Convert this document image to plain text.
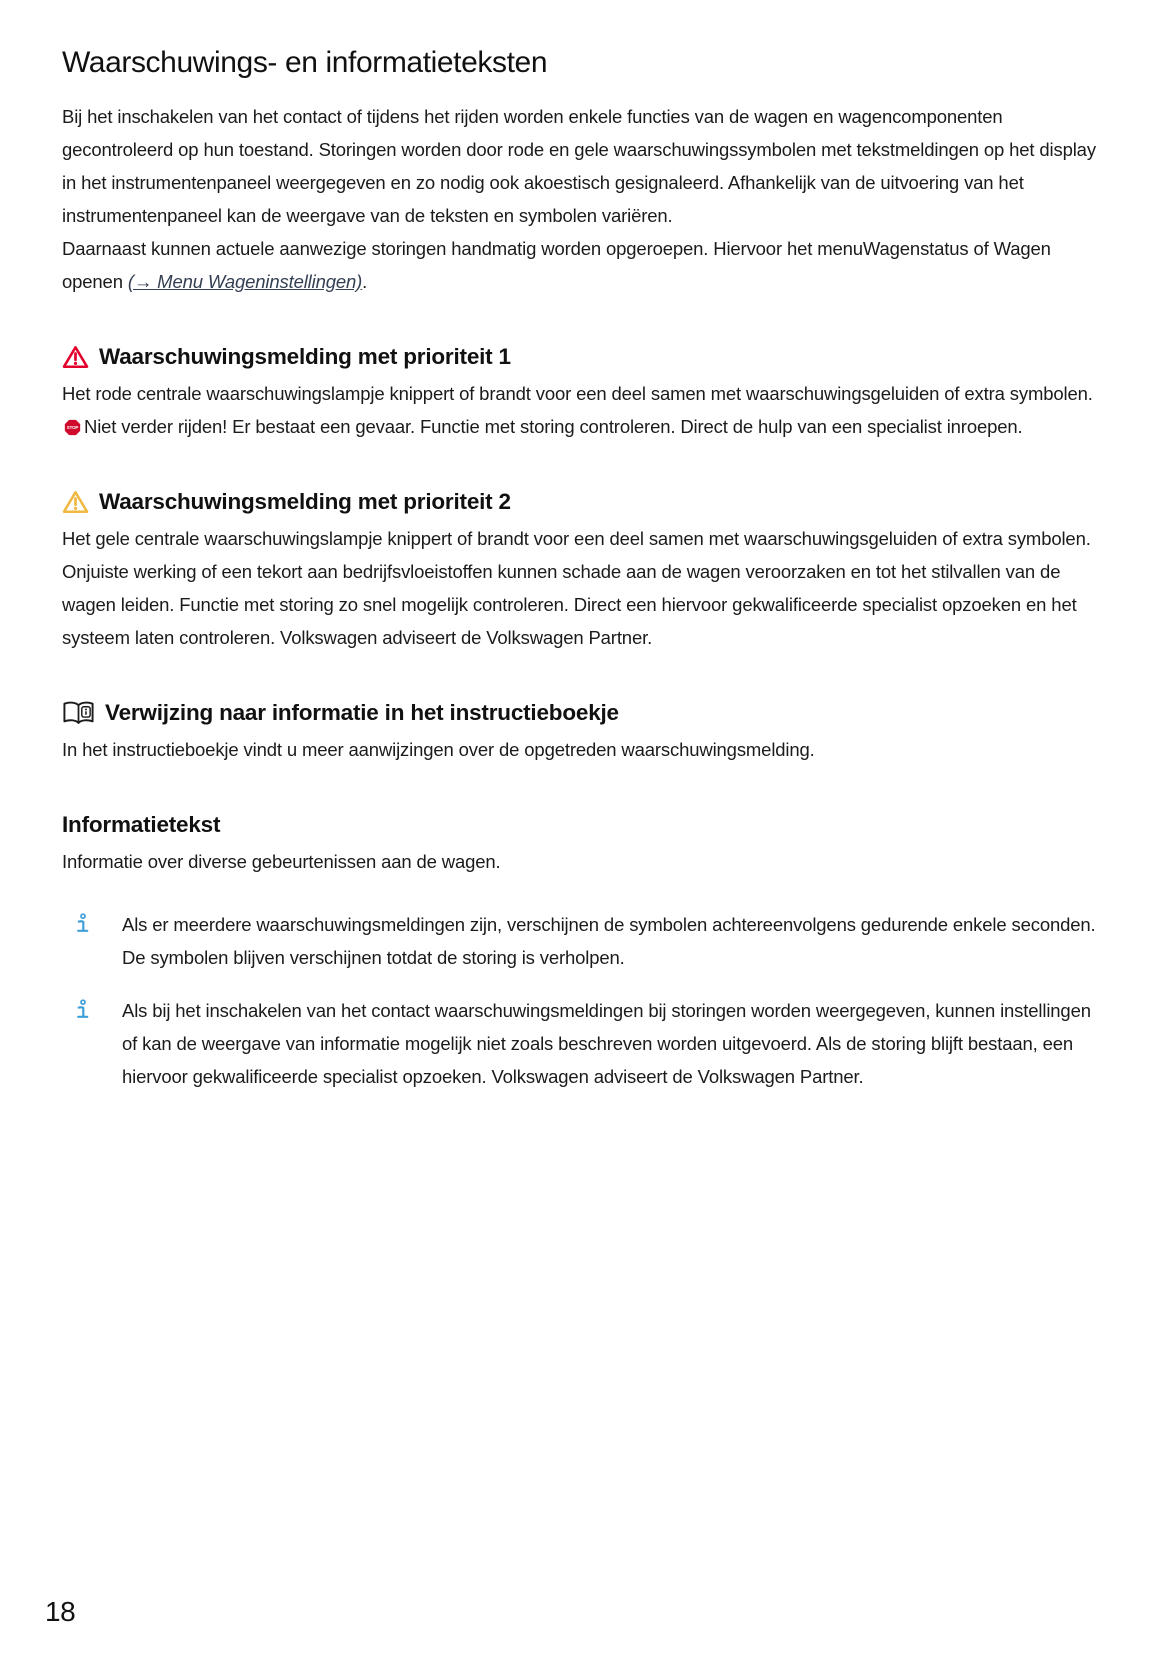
Waarschuwings- en informatieteksten

Bij het inschakelen van het contact of tijdens het rijden worden enkele functies van de wagen en wagencomponenten gecontroleerd op hun toestand. Storingen worden door rode en gele waarschuwingssymbolen met tekstmeldingen op het display in het instrumentenpaneel weergegeven en zo nodig ook akoestisch gesignaleerd. Afhankelijk van de uitvoering van het instrumentenpaneel kan de weergave van de teksten en symbolen variëren.

Daarnaast kunnen actuele aanwezige storingen handmatig worden opgeroepen. Hiervoor het menuWagenstatus of Wagen openen (→ Menu Wageninstellingen).

Waarschuwingsmelding met prioriteit 1

Het rode centrale waarschuwingslampje knippert of brandt voor een deel samen met waarschuwingsgeluiden of extra symbolen.
STOP Niet verder rijden! Er bestaat een gevaar. Functie met storing controleren. Direct de hulp van een specialist inroepen.

Waarschuwingsmelding met prioriteit 2

Het gele centrale waarschuwingslampje knippert of brandt voor een deel samen met waarschuwingsgeluiden of extra symbolen. Onjuiste werking of een tekort aan bedrijfsvloeistoffen kunnen schade aan de wagen veroorzaken en tot het stilvallen van de wagen leiden. Functie met storing zo snel mogelijk controleren. Direct een hiervoor gekwalificeerde specialist opzoeken en het systeem laten controleren. Volkswagen adviseert de Volkswagen Partner.

Verwijzing naar informatie in het instructieboekje

In het instructieboekje vindt u meer aanwijzingen over de opgetreden waarschuwingsmelding.

Informatietekst

Informatie over diverse gebeurtenissen aan de wagen.

Als er meerdere waarschuwingsmeldingen zijn, verschijnen de symbolen achtereenvolgens gedurende enkele seconden. De symbolen blijven verschijnen totdat de storing is verholpen.

Als bij het inschakelen van het contact waarschuwingsmeldingen bij storingen worden weergegeven, kunnen instellingen of kan de weergave van informatie mogelijk niet zoals beschreven worden uitgevoerd. Als de storing blijft bestaan, een hiervoor gekwalificeerde specialist opzoeken. Volkswagen adviseert de Volkswagen Partner.

18
